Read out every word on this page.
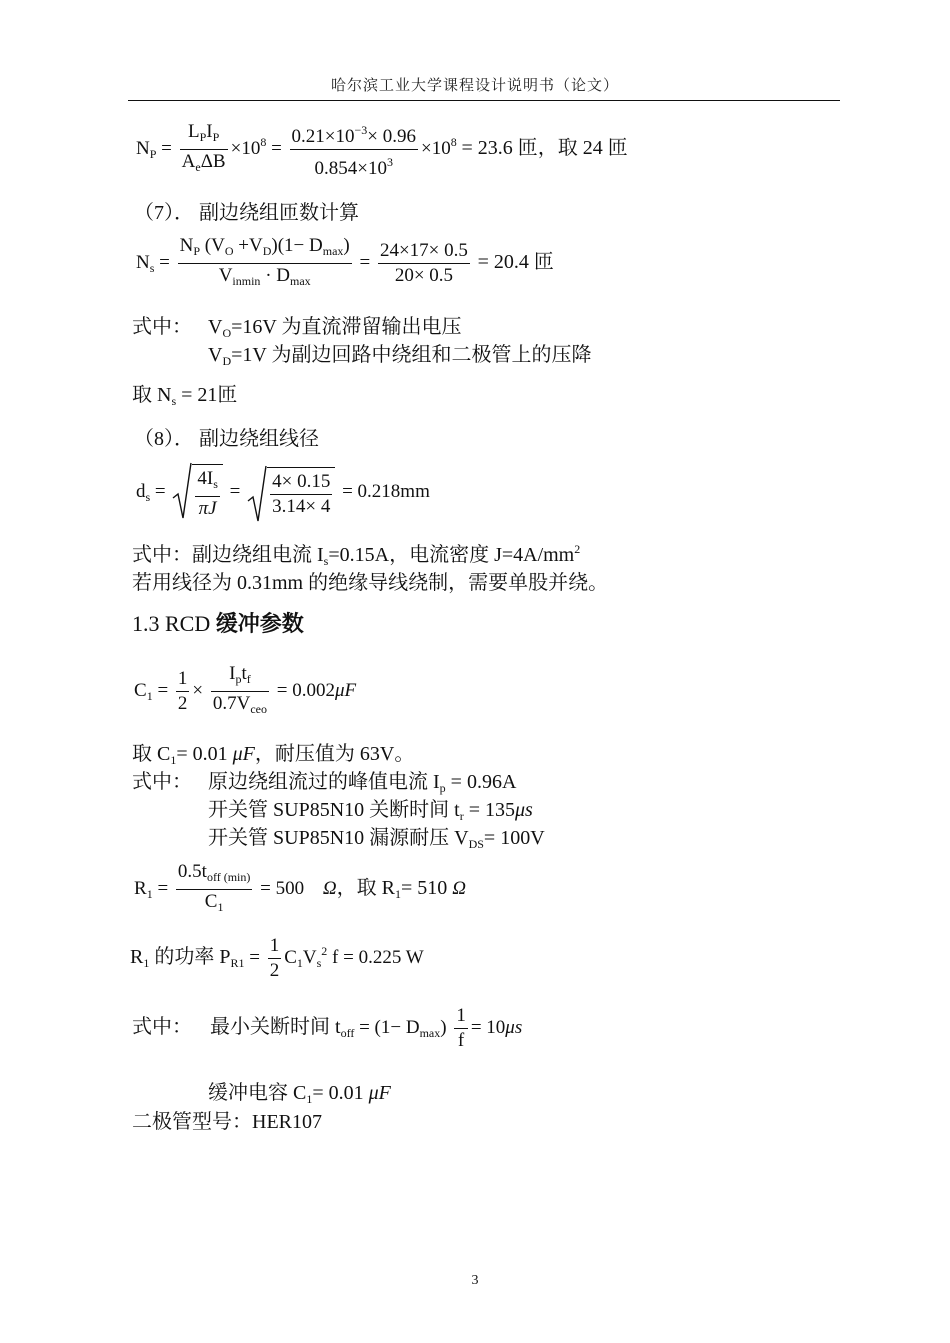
哈尔滨工业大学课程设计说明书（论文）
$N_P = \frac{L_PI_P}{A_e\Delta B} \times 10^8 = \frac{0.21\times 10^{-3}\times 0.96}{0.854\times 10^3} \times 10^8 = 23.6$ 匝，取 24 匝
（7）． 副边绕组匝数计算
$N_s = \frac{N_P (V_O +V_D)(1- D_{max})}{V_{inmin} \cdot D_{max}} = \frac{24\times 17\times 0.5}{20\times 0.5} = 20.4$ 匝
式中： $V_O=16V$ 为直流滞留输出电压
$V_D=1V$ 为副边回路中绕组和二极管上的压降
取 $N_s = 21$匝
（8）． 副边绕组线径
$d_s = \frac{4I_s}{\pi J} = \frac{4\times 0.15}{3.14\times 4} = 0.218mm$
式中：副边绕组电流 $I_s=0.15A$，电流密度 $J=4A/mm^2$
若用线径为 0.31mm 的绝缘导线绕制，需要单股并绕。
1.3 RCD 缓冲参数
$C_1 = \frac{1}{2} \times \frac{I_pt_f}{0.7V_{ceo}} = 0.002\mu F$
取 $C_1= 0.01$ μF，耐压值为 63V。
式中： 原边绕组流过的峰值电流 $I_p = 0.96A$
开关管 SUP85N10 关断时间 $t_r = 135\mu s$
开关管 SUP85N10 漏源耐压 $V_{DS}= 100V$
$R_1 = \frac{0.5t_{off (min)}}{C_1} = 500$ Ω，取 $R_1= 510$ Ω
$R_1$ 的功率 $P_{R1} = \frac{1}{2} C_1V_s^2$ f = 0.225 W
式中： 最小关断时间 $t_{off} = (1- D_{max}) \frac{1}{f} = 10\mu s$
缓冲电容 $C_1= 0.01$ μF
二极管型号：HER107
3
